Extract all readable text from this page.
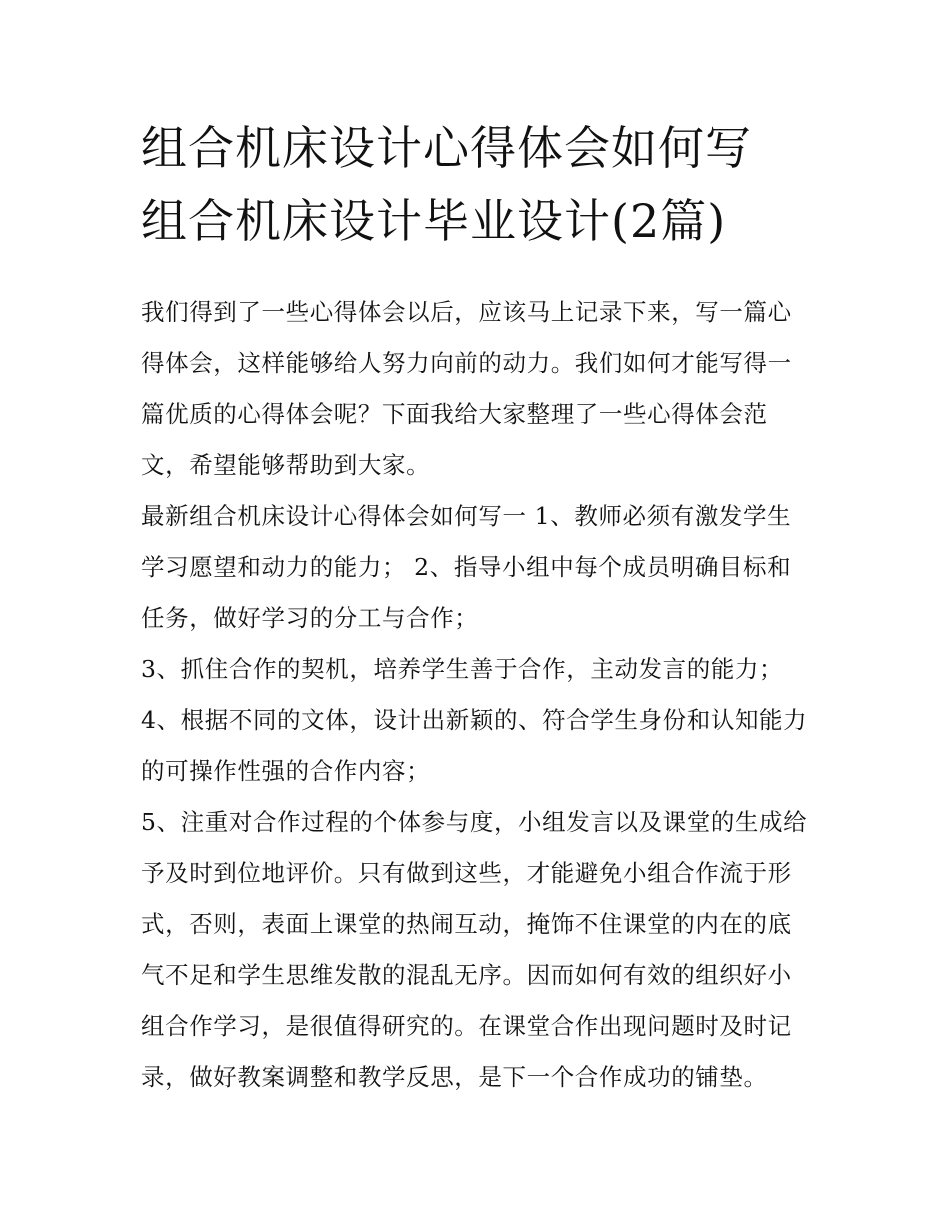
组合机床设计心得体会如何写
组合机床设计毕业设计(2篇)

我们得到了一些心得体会以后，应该马上记录下来，写一篇心得体会，这样能够给人努力向前的动力。我们如何才能写得一篇优质的心得体会呢？下面我给大家整理了一些心得体会范文，希望能够帮助到大家。

最新组合机床设计心得体会如何写一 1、教师必须有激发学生学习愿望和动力的能力； 2、指导小组中每个成员明确目标和任务，做好学习的分工与合作；

3、抓住合作的契机，培养学生善于合作，主动发言的能力；

4、根据不同的文体，设计出新颖的、符合学生身份和认知能力的可操作性强的合作内容；

5、注重对合作过程的个体参与度，小组发言以及课堂的生成给予及时到位地评价。只有做到这些，才能避免小组合作流于形式，否则，表面上课堂的热闹互动，掩饰不住课堂的内在的底气不足和学生思维发散的混乱无序。因而如何有效的组织好小组合作学习，是很值得研究的。在课堂合作出现问题时及时记录，做好教案调整和教学反思，是下一个合作成功的铺垫。
